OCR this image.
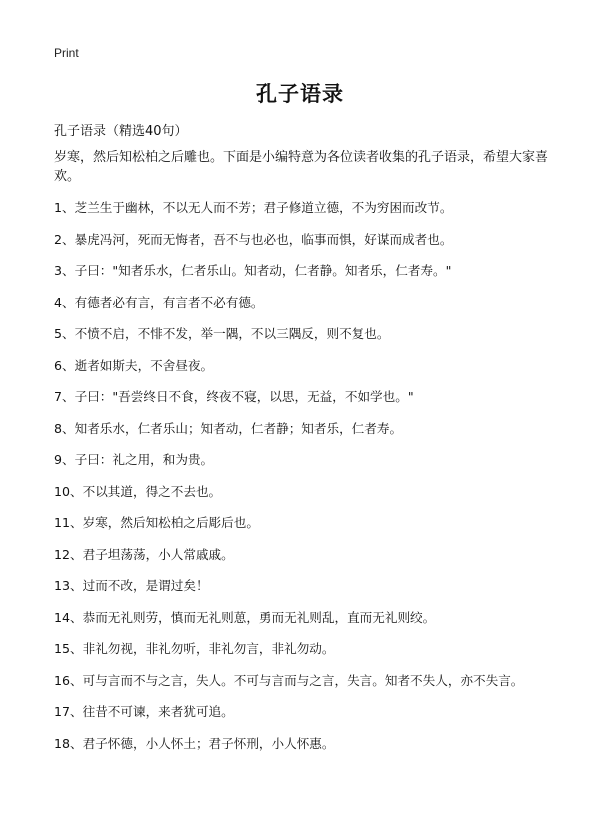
Print
孔子语录
孔子语录（精选40句）
岁寒，然后知松柏之后雕也。下面是小编特意为各位读者收集的孔子语录，希望大家喜欢。
1、芝兰生于幽林，不以无人而不芳；君子修道立德，不为穷困而改节。
2、暴虎冯河，死而无悔者，吾不与也必也，临事而惧，好谋而成者也。
3、子曰："知者乐水，仁者乐山。知者动，仁者静。知者乐，仁者寿。"
4、有德者必有言，有言者不必有德。
5、不愤不启，不悱不发，举一隅，不以三隅反，则不复也。
6、逝者如斯夫，不舍昼夜。
7、子曰："吾尝终日不食，终夜不寝，以思，无益，不如学也。"
8、知者乐水，仁者乐山；知者动，仁者静；知者乐，仁者寿。
9、子曰：礼之用，和为贵。
10、不以其道，得之不去也。
11、岁寒，然后知松柏之后彫后也。
12、君子坦荡荡，小人常戚戚。
13、过而不改，是谓过矣！
14、恭而无礼则劳，慎而无礼则葸，勇而无礼则乱，直而无礼则绞。
15、非礼勿视，非礼勿听，非礼勿言，非礼勿动。
16、可与言而不与之言，失人。不可与言而与之言，失言。知者不失人，亦不失言。
17、往昔不可谏，来者犹可追。
18、君子怀德，小人怀土；君子怀刑，小人怀惠。
